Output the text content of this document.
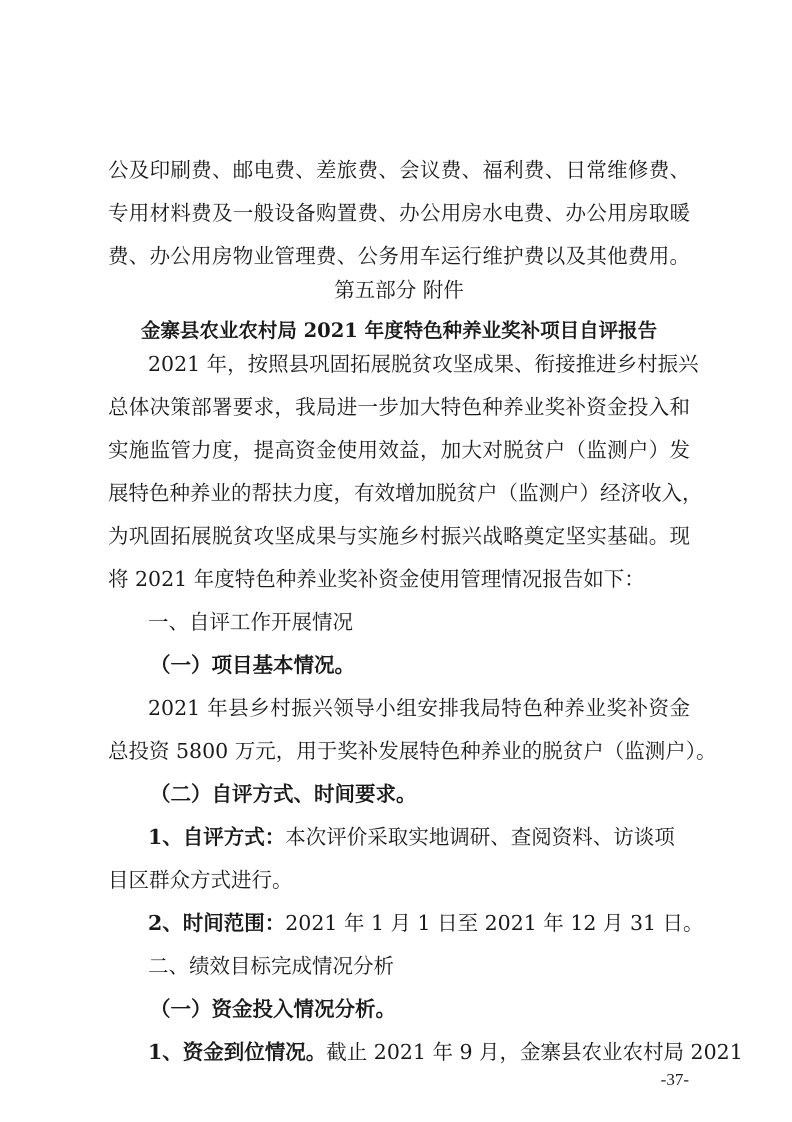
公及印刷费、邮电费、差旅费、会议费、福利费、日常维修费、
专用材料费及一般设备购置费、办公用房水电费、办公用房取暖
费、办公用房物业管理费、公务用车运行维护费以及其他费用。
第五部分 附件
金寨县农业农村局 2021 年度特色种养业奖补项目自评报告
2021 年，按照县巩固拓展脱贫攻坚成果、衔接推进乡村振兴
总体决策部署要求，我局进一步加大特色种养业奖补资金投入和
实施监管力度，提高资金使用效益，加大对脱贫户（监测户）发
展特色种养业的帮扶力度，有效增加脱贫户（监测户）经济收入，
为巩固拓展脱贫攻坚成果与实施乡村振兴战略奠定坚实基础。现
将 2021 年度特色种养业奖补资金使用管理情况报告如下：
一、自评工作开展情况
（一）项目基本情况。
2021 年县乡村振兴领导小组安排我局特色种养业奖补资金
总投资 5800 万元，用于奖补发展特色种养业的脱贫户（监测户）。
（二）自评方式、时间要求。
1、自评方式：本次评价采取实地调研、查阅资料、访谈项
目区群众方式进行。
2、时间范围：2021 年 1 月 1 日至 2021 年 12 月 31 日。
二、绩效目标完成情况分析
（一）资金投入情况分析。
1、资金到位情况。截止 2021 年 9 月，金寨县农业农村局 2021
-37-
